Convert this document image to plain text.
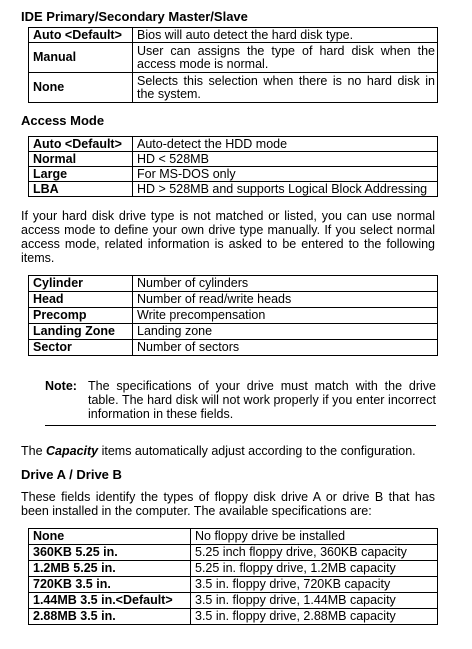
IDE Primary/Secondary Master/Slave
Auto <Default>	Bios will auto detect the hard disk type.
Manual	User can assigns the type of hard disk when the access mode is normal.
None	Selects this selection when there is no hard disk in the system.
Access Mode
Auto <Default>	Auto-detect the HDD mode
Normal	HD < 528MB
Large	For MS-DOS only
LBA	HD > 528MB and supports Logical Block Addressing

If your hard disk drive type is not matched or listed, you can use normal access mode to define your own drive type manually. If you select normal access mode, related information is asked to be entered to the following items.

Cylinder	Number of cylinders
Head	Number of read/write heads
Precomp	Write precompensation
Landing Zone	Landing zone
Sector	Number of sectors
Note: The specifications of your drive must match with the drive table. The hard disk will not work properly if you enter incorrect information in these fields.

The Capacity items automatically adjust according to the configuration.

Drive A / Drive B

These fields identify the types of floppy disk drive A or drive B that has been installed in the computer. The available specifications are:

None	No floppy drive be installed
360KB 5.25 in.	5.25 inch floppy drive, 360KB capacity
1.2MB 5.25 in.	5.25 in. floppy drive, 1.2MB capacity
720KB 3.5 in.	3.5 in. floppy drive, 720KB capacity
1.44MB 3.5 in.<Default>	3.5 in. floppy drive, 1.44MB capacity
2.88MB 3.5 in.	3.5 in. floppy drive, 2.88MB capacity
